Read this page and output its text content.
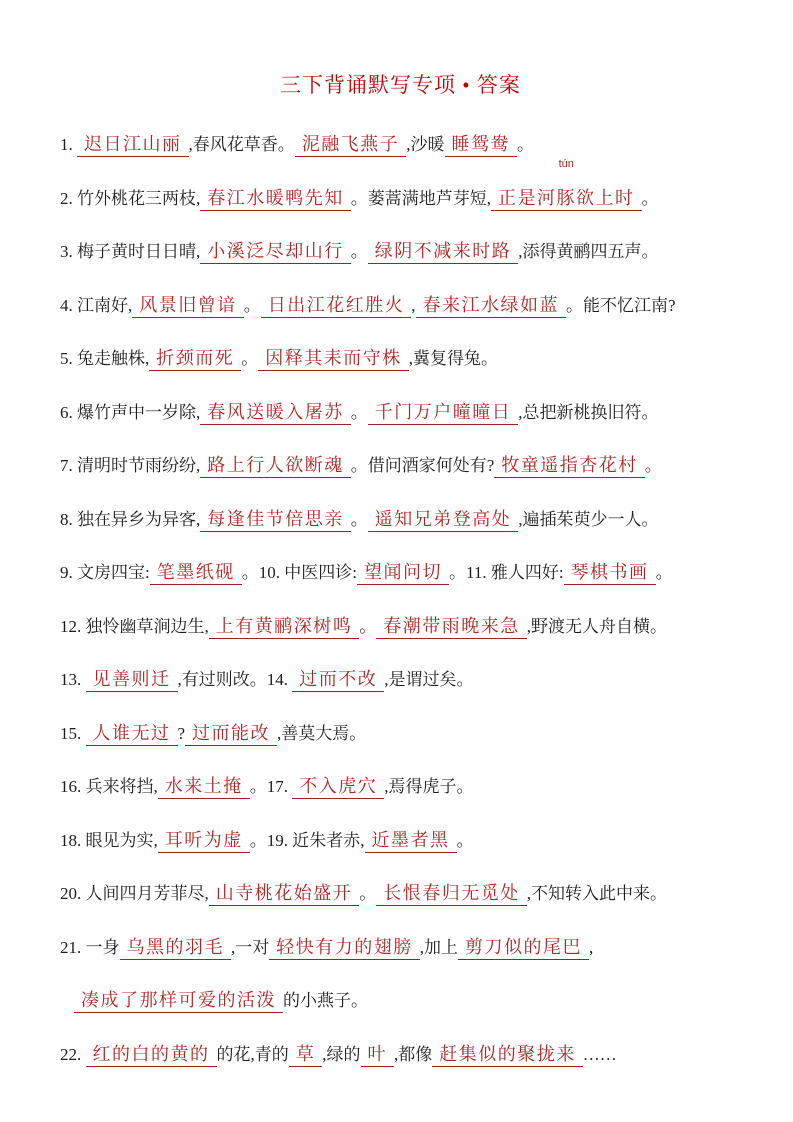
三下背诵默写专项 • 答案

1. 迟日江山丽 ,春风花草香。 泥融飞燕子 ,沙暖 睡鸳鸯 。

2. 竹外桃花三两枝, 春江水暖鸭先知 。蒌蒿满地芦芽短, 正是河豚
tún
欲上时 。

3. 梅子黄时日日晴, 小溪泛尽却山行 。 绿阴不减来时路 ,添得黄鹂四五声。

4. 江南好, 风景旧曾谙 。 日出江花红胜火 , 春来江水绿如蓝 。能不忆江南?

5. 兔走触株, 折颈而死 。 因释其耒而守株 ,冀复得兔。

6. 爆竹声中一岁除, 春风送暖入屠苏 。 千门万户曈曈日 ,总把新桃换旧符。

7. 清明时节雨纷纷, 路上行人欲断魂 。借问酒家何处有? 牧童遥指杏花村 。

8. 独在异乡为异客, 每逢佳节倍思亲 。 遥知兄弟登高处 ,遍插茱萸少一人。

9. 文房四宝: 笔墨纸砚 。10. 中医四诊: 望闻问切 。11. 雅人四好: 琴棋书画 。

12. 独怜幽草涧边生, 上有黄鹂深树鸣 。 春潮带雨晚来急 ,野渡无人舟自横。

13. 见善则迁 ,有过则改。14. 过而不改 ,是谓过矣。

15. 人谁无过 ? 过而能改 ,善莫大焉。

16. 兵来将挡, 水来土掩 。17. 不入虎穴 ,焉得虎子。

18. 眼见为实, 耳听为虚 。19. 近朱者赤, 近墨者黑 。

20. 人间四月芳菲尽, 山寺桃花始盛开 。 长恨春归无觅处 ,不知转入此中来。

21. 一身 乌黑的羽毛 ,一对 轻快有力的翅膀 ,加上 剪刀似的尾巴 ,

凑成了那样可爱的活泼 的小燕子。

22. 红的白的黄的 的花,青的 草 ,绿的 叶 ,都像 赶集似的聚拢来 ……
